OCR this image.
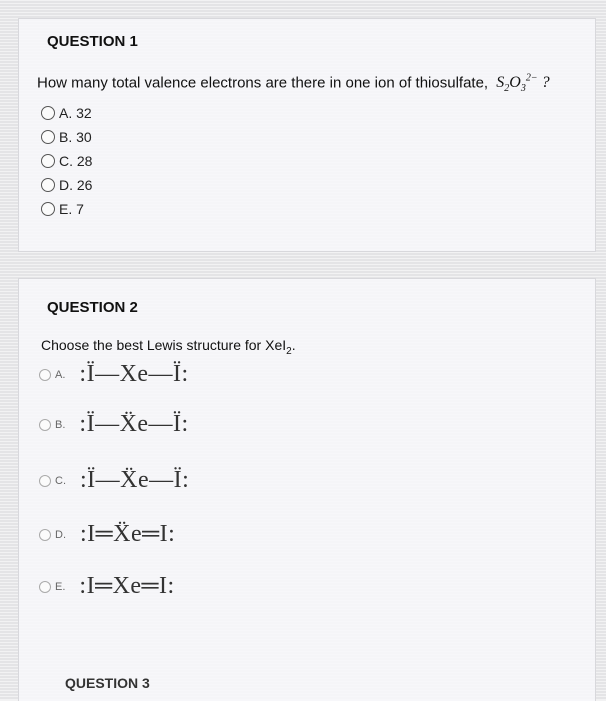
QUESTION 1
How many total valence electrons are there in one ion of thiosulfate, $S_2O_3^{2-}$ ?
A. 32
B. 30
C. 28
D. 26
E. 7
QUESTION 2
Choose the best Lewis structure for XeI$_2$.
A. :Ï—Xe—Ï:
B. :Ï—Ẍe—Ï:
C. :Ï—Ẍe—Ï:
D. :I═Ẍe═I:
E. :I═Xe═I:
QUESTION 3
